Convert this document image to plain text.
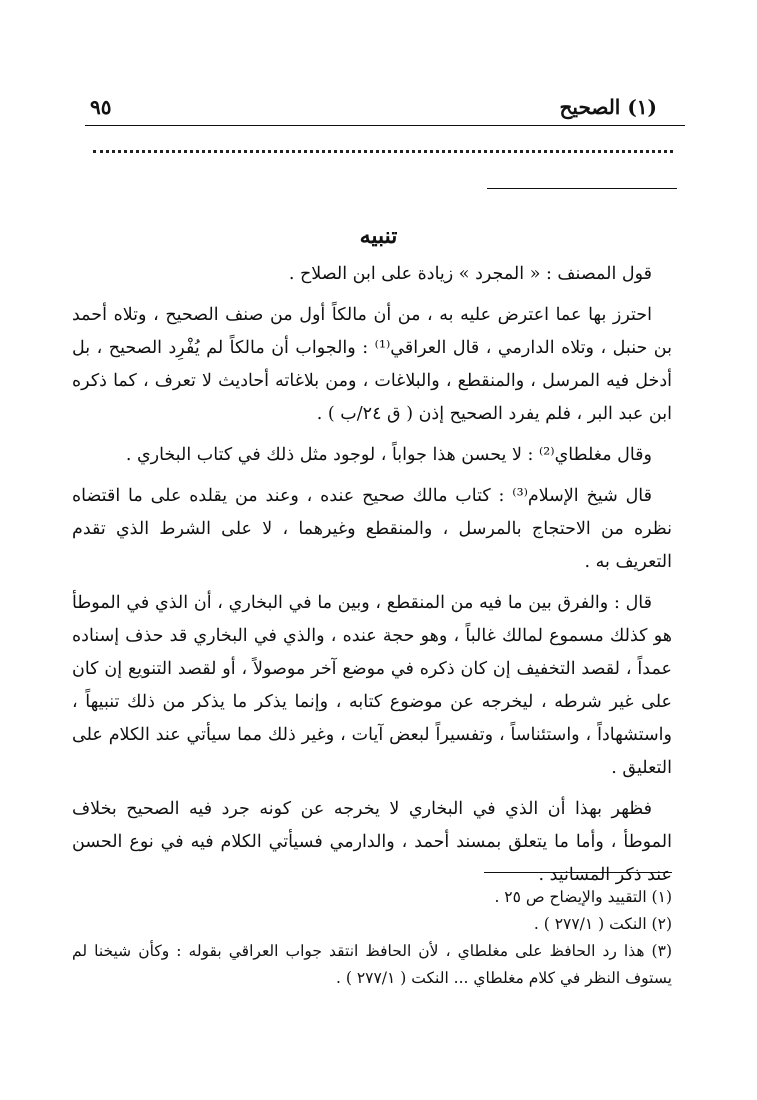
(١) الصحيح
٩٥
تنبيه

قول المصنف : « المجرد » زيادة على ابن الصلاح .

احترز بها عما اعترض عليه به ، من أن مالكاً أول من صنف الصحيح ، وتلاه أحمد بن حنبل ، وتلاه الدارمي ، قال العراقي⁽¹⁾ : والجواب أن مالكاً لم يُفْرِد الصحيح ، بل أدخل فيه المرسل ، والمنقطع ، والبلاغات ، ومن بلاغاته أحاديث لا تعرف ، كما ذكره ابن عبد البر ، فلم يفرد الصحيح إذن ( ق ٢٤/ب ) .

وقال مغلطاي⁽²⁾ : لا يحسن هذا جواباً ، لوجود مثل ذلك في كتاب البخاري .

قال شيخ الإسلام⁽³⁾ : كتاب مالك صحيح عنده ، وعند من يقلده على ما اقتضاه نظره من الاحتجاج بالمرسل ، والمنقطع وغيرهما ، لا على الشرط الذي تقدم التعريف به .

قال : والفرق بين ما فيه من المنقطع ، وبين ما في البخاري ، أن الذي في الموطأ هو كذلك مسموع لمالك غالباً ، وهو حجة عنده ، والذي في البخاري قد حذف إسناده عمداً ، لقصد التخفيف إن كان ذكره في موضع آخر موصولاً ، أو لقصد التنويع إن كان على غير شرطه ، ليخرجه عن موضوع كتابه ، وإنما يذكر ما يذكر من ذلك تنبيهاً ، واستشهاداً ، واستئناساً ، وتفسيراً لبعض آيات ، وغير ذلك مما سيأتي عند الكلام على التعليق .

فظهر بهذا أن الذي في البخاري لا يخرجه عن كونه جرد فيه الصحيح بخلاف الموطأ ، وأما ما يتعلق بمسند أحمد ، والدارمي فسيأتي الكلام فيه في نوع الحسن عند ذكر المسانيد .

(١) التقييد والإيضاح ص ٢٥ .

(٢) النكت ( ٢٧٧/١ ) .

(٣) هذا رد الحافظ على مغلطاي ، لأن الحافظ انتقد جواب العراقي بقوله : وكأن شيخنا لم يستوف النظر في كلام مغلطاي ... النكت ( ٢٧٧/١ ) .
